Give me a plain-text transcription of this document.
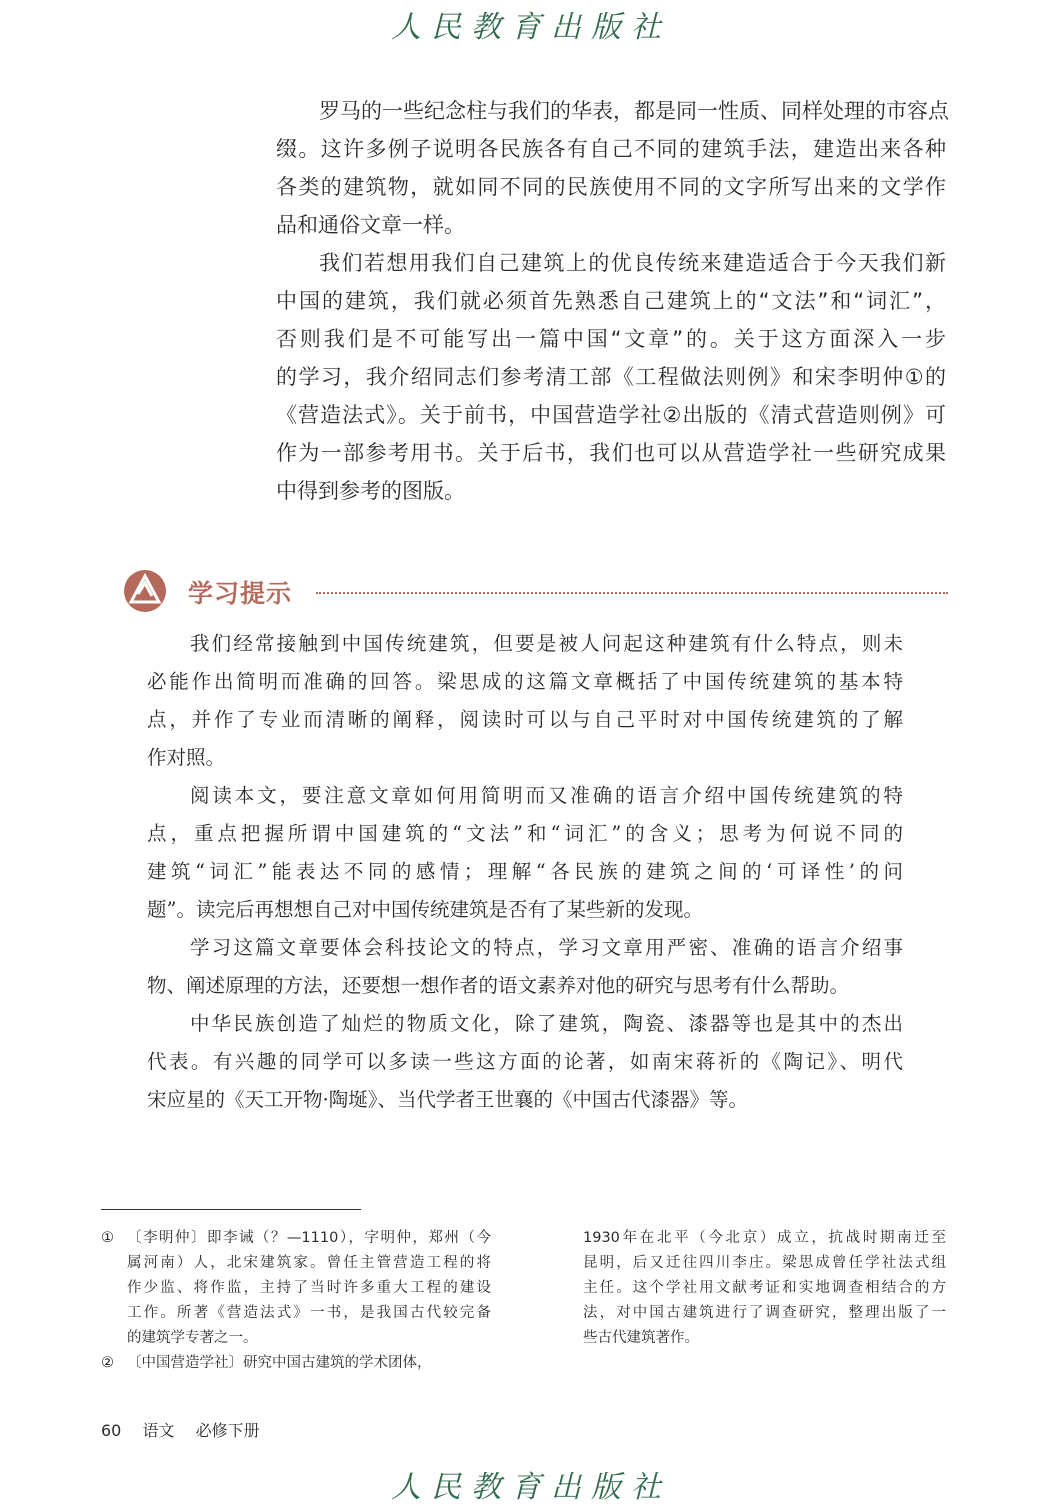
人民教育出版社
罗马的一些纪念柱与我们的华表，都是同一性质、同样处理的市容点
缀。这许多例子说明各民族各有自己不同的建筑手法，建造出来各种
各类的建筑物，就如同不同的民族使用不同的文字所写出来的文学作
品和通俗文章一样。
我们若想用我们自己建筑上的优良传统来建造适合于今天我们新
中国的建筑，我们就必须首先熟悉自己建筑上的“文法”和“词汇”，
否则我们是不可能写出一篇中国“文章”的。关于这方面深入一步
的学习，我介绍同志们参考清工部《工程做法则例》和宋李明仲①的
《营造法式》。关于前书，中国营造学社②出版的《清式营造则例》可
作为一部参考用书。关于后书，我们也可以从营造学社一些研究成果
中得到参考的图版。
学习提示
我们经常接触到中国传统建筑，但要是被人问起这种建筑有什么特点，则未
必能作出简明而准确的回答。梁思成的这篇文章概括了中国传统建筑的基本特
点，并作了专业而清晰的阐释，阅读时可以与自己平时对中国传统建筑的了解
作对照。
阅读本文，要注意文章如何用简明而又准确的语言介绍中国传统建筑的特
点，重点把握所谓中国建筑的“文法”和“词汇”的含义；思考为何说不同的
建筑“词汇”能表达不同的感情；理解“各民族的建筑之间的‘可译性’的问
题”。读完后再想想自己对中国传统建筑是否有了某些新的发现。
学习这篇文章要体会科技论文的特点，学习文章用严密、准确的语言介绍事
物、阐述原理的方法，还要想一想作者的语文素养对他的研究与思考有什么帮助。
中华民族创造了灿烂的物质文化，除了建筑，陶瓷、漆器等也是其中的杰出
代表。有兴趣的同学可以多读一些这方面的论著，如南宋蒋祈的《陶记》、明代
宋应星的《天工开物·陶埏》、当代学者王世襄的《中国古代漆器》等。
① 〔李明仲〕即李诫（？—1110），字明仲，郑州（今
属河南）人，北宋建筑家。曾任主管营造工程的将
作少监、将作监，主持了当时许多重大工程的建设
工作。所著《营造法式》一书，是我国古代较完备
的建筑学专著之一。
② 〔中国营造学社〕研究中国古建筑的学术团体，
1930年在北平（今北京）成立，抗战时期南迁至
昆明，后又迁往四川李庄。梁思成曾任学社法式组
主任。这个学社用文献考证和实地调查相结合的方
法，对中国古建筑进行了调查研究，整理出版了一
些古代建筑著作。
60 语文 必修下册
人民教育出版社
